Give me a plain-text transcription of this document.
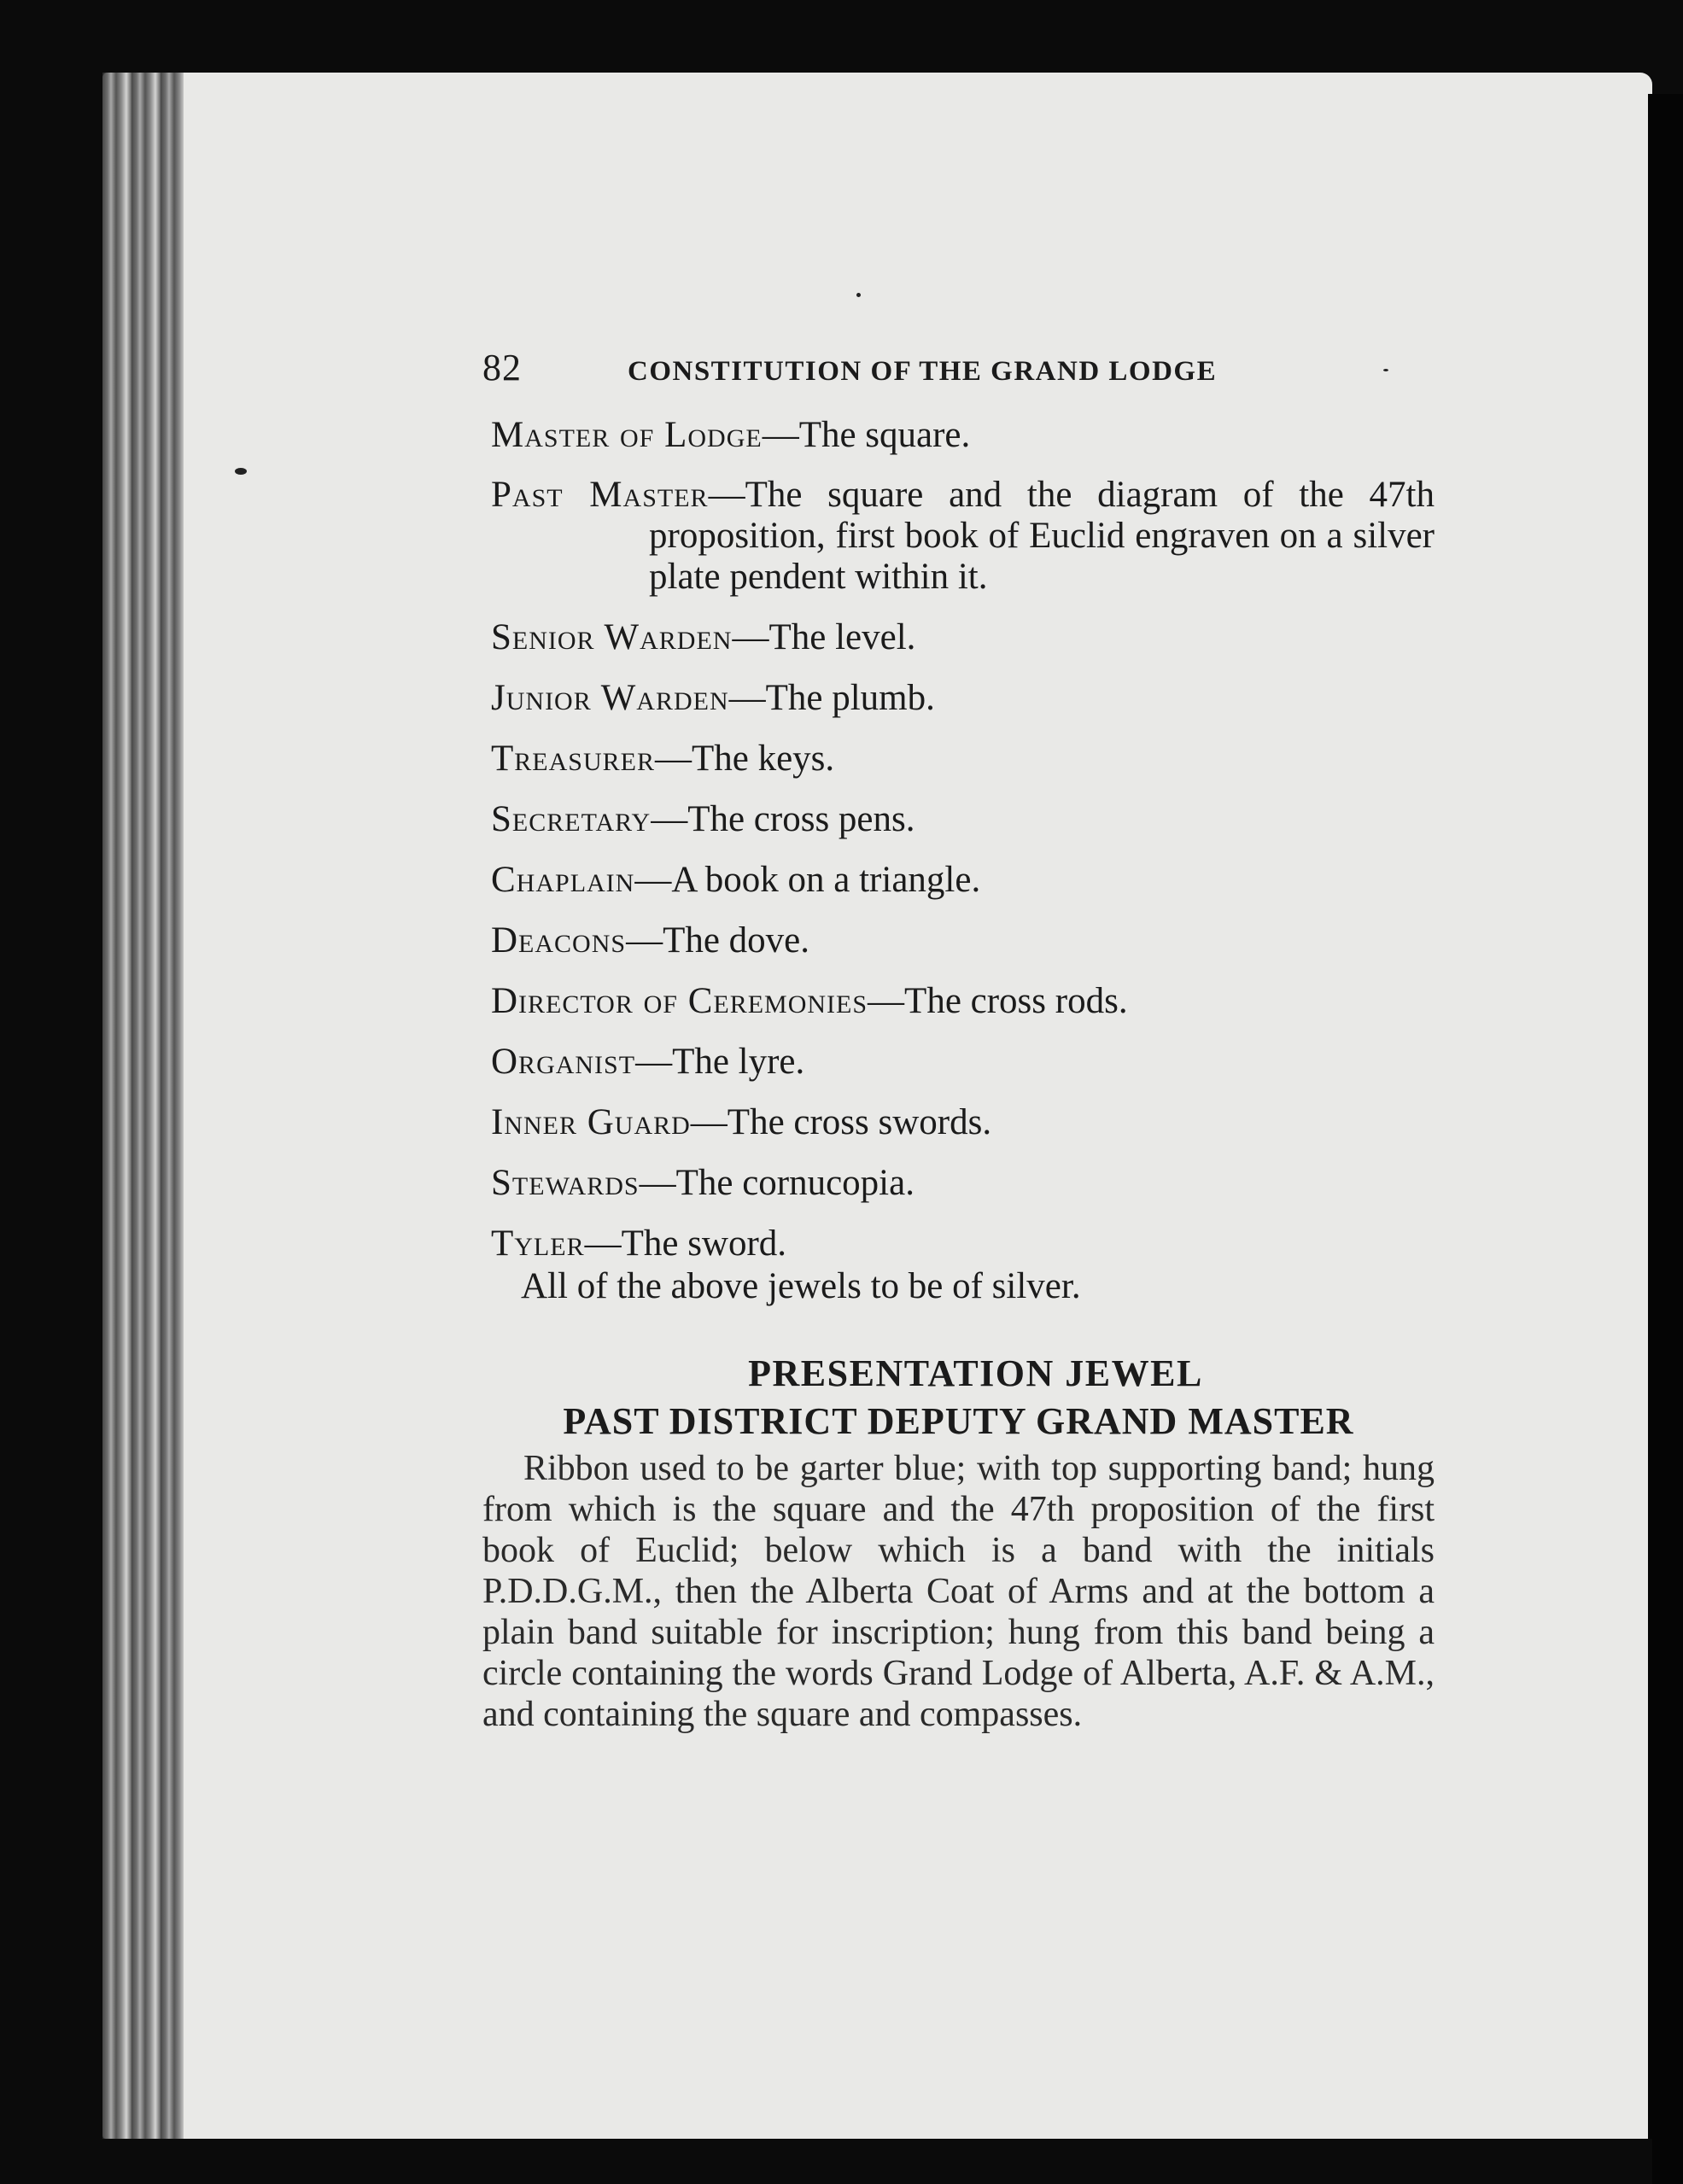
82	CONSTITUTION OF THE GRAND LODGE
Master of Lodge—The square.
Past Master—The square and the diagram of the 47th proposition, first book of Euclid engraven on a silver plate pendent within it.
Senior Warden—The level.
Junior Warden—The plumb.
Treasurer—The keys.
Secretary—The cross pens.
Chaplain—A book on a triangle.
Deacons—The dove.
Director of Ceremonies—The cross rods.
Organist—The lyre.
Inner Guard—The cross swords.
Stewards—The cornucopia.
Tyler—The sword.

All of the above jewels to be of silver.

PRESENTATION JEWEL
PAST DISTRICT DEPUTY GRAND MASTER

Ribbon used to be garter blue; with top supporting band; hung from which is the square and the 47th proposition of the first book of Euclid; below which is a band with the initials P.D.D.G.M., then the Alberta Coat of Arms and at the bottom a plain band suitable for inscription; hung from this band being a circle containing the words Grand Lodge of Alberta, A.F. & A.M., and containing the square and compasses.
